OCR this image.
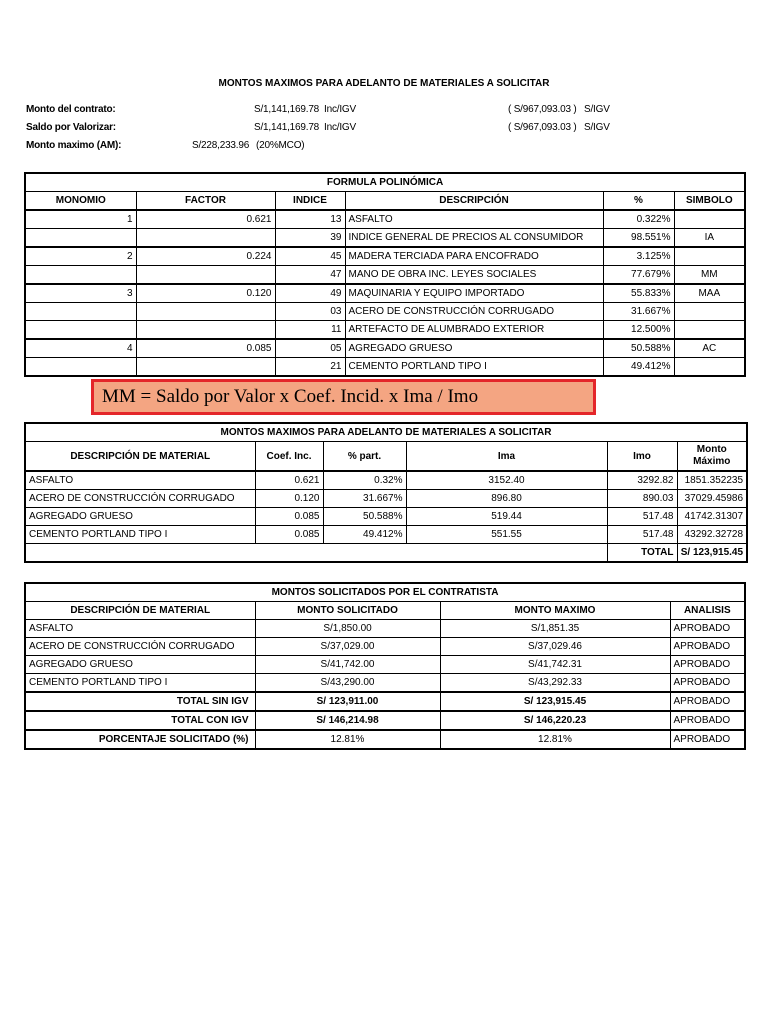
MONTOS MAXIMOS PARA ADELANTO DE MATERIALES A SOLICITAR
Monto del contrato:	S/1,141,169.78 Inc/IGV	( S/967,093.03 ) S/IGV
Saldo por Valorizar:	S/1,141,169.78 Inc/IGV	( S/967,093.03 ) S/IGV
Monto maximo (AM):	S/228,233.96 (20%MCO)
FORMULA POLINÓMICA					
MONOMIO	FACTOR	INDICE	DESCRIPCIÓN	%	SIMBOLO
1	0.621	13	ASFALTO	0.322%	
		39	INDICE GENERAL DE PRECIOS AL CONSUMIDOR	98.551%	IA
2	0.224	45	MADERA TERCIADA PARA ENCOFRADO	3.125%	
		47	MANO DE OBRA INC. LEYES SOCIALES	77.679%	MM
3	0.120	49	MAQUINARIA Y EQUIPO IMPORTADO	55.833%	MAA
		03	ACERO DE CONSTRUCCIÓN CORRUGADO	31.667%	
		11	ARTEFACTO DE ALUMBRADO EXTERIOR	12.500%	
4	0.085	05	AGREGADO GRUESO	50.588%	AC
		21	CEMENTO PORTLAND TIPO I	49.412%	
MM = Saldo por Valor x Coef. Incid. x Ima / Imo
MONTOS MAXIMOS PARA ADELANTO DE MATERIALES A SOLICITAR					
DESCRIPCIÓN DE MATERIAL	Coef. Inc.	% part.	Ima	Imo	Monto Máximo
ASFALTO	0.621	0.32%	3152.40	3292.82	1851.352235
ACERO DE CONSTRUCCIÓN CORRUGADO	0.120	31.667%	896.80	890.03	37029.45986
AGREGADO GRUESO	0.085	50.588%	519.44	517.48	41742.31307
CEMENTO PORTLAND TIPO I	0.085	49.412%	551.55	517.48	43292.32728
				TOTAL	S/ 123,915.45
MONTOS SOLICITADOS POR EL CONTRATISTA			
DESCRIPCIÓN DE MATERIAL	MONTO SOLICITADO	MONTO MAXIMO	ANALISIS
ASFALTO	S/1,850.00	S/1,851.35	APROBADO
ACERO DE CONSTRUCCIÓN CORRUGADO	S/37,029.00	S/37,029.46	APROBADO
AGREGADO GRUESO	S/41,742.00	S/41,742.31	APROBADO
CEMENTO PORTLAND TIPO I	S/43,290.00	S/43,292.33	APROBADO
TOTAL SIN IGV	S/ 123,911.00	S/ 123,915.45	APROBADO
TOTAL CON IGV	S/ 146,214.98	S/ 146,220.23	APROBADO
PORCENTAJE SOLICITADO (%)	12.81%	12.81%	APROBADO
